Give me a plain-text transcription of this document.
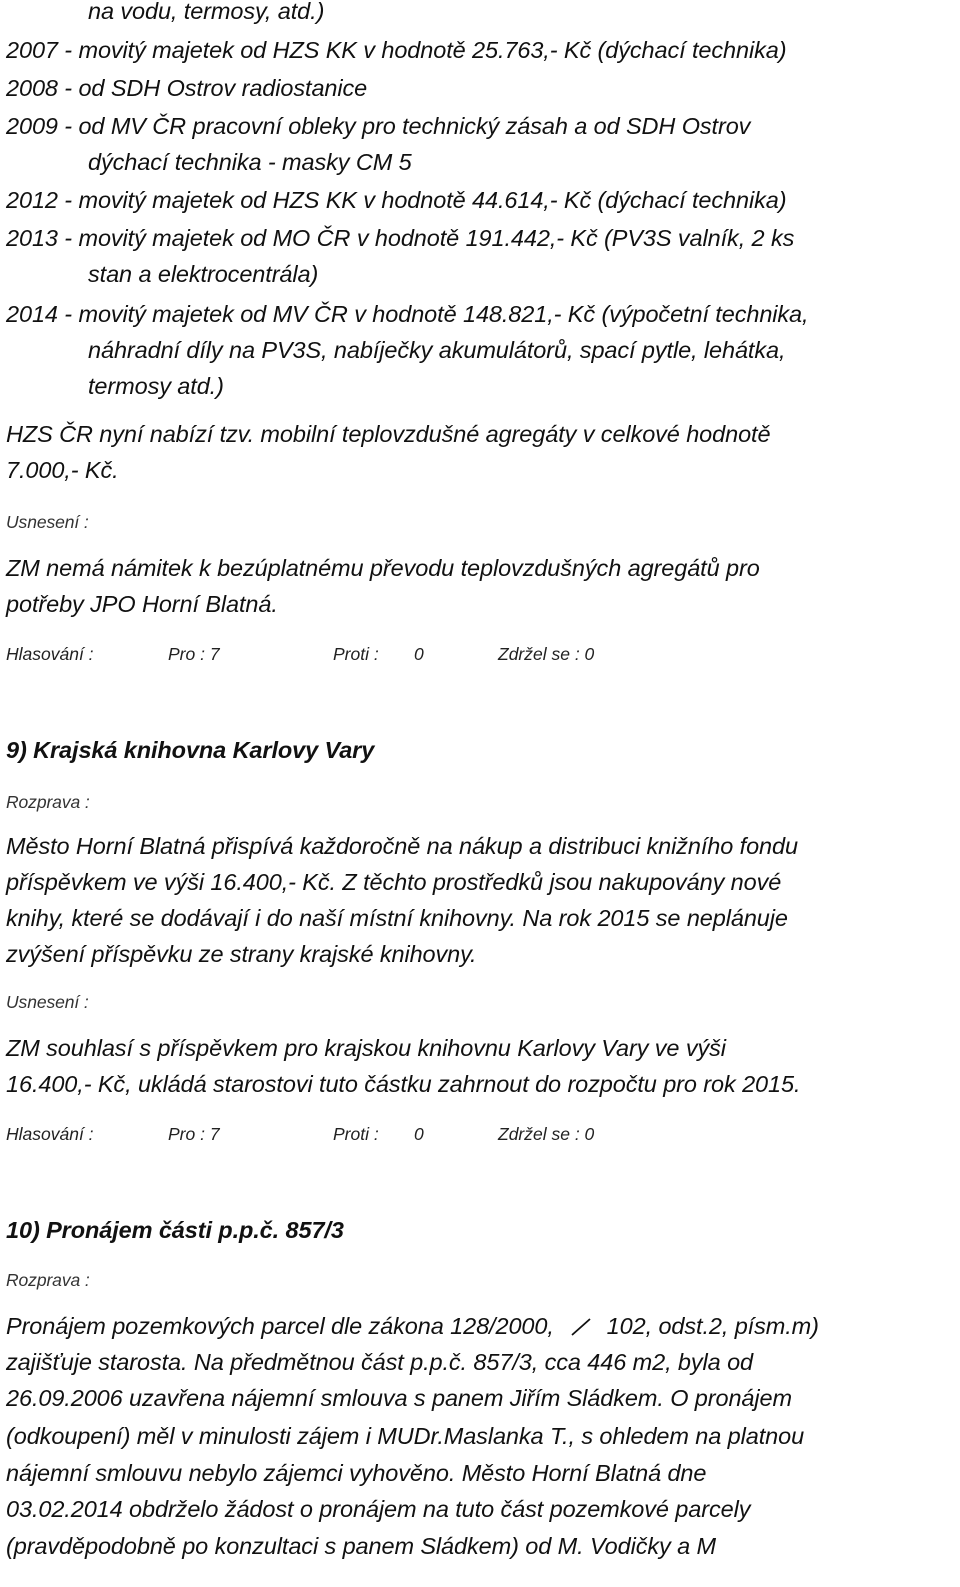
na vodu, termosy, atd.)
2007 - movitý majetek od HZS KK v hodnotě 25.763,- Kč (dýchací technika)
2008 - od SDH Ostrov radiostanice
2009 - od MV ČR pracovní obleky pro technický zásah a od SDH Ostrov
dýchací technika - masky CM 5
2012 - movitý majetek od HZS KK v hodnotě 44.614,- Kč (dýchací technika)
2013 - movitý majetek od MO ČR v hodnotě 191.442,- Kč (PV3S valník, 2 ks
stan a elektrocentrála)
2014 - movitý majetek od MV ČR v hodnotě 148.821,- Kč (výpočetní technika,
náhradní díly na PV3S, nabíječky akumulátorů, spací pytle, lehátka,
termosy atd.)
HZS ČR nyní nabízí tzv. mobilní teplovzdušné agregáty v celkové hodnotě
7.000,- Kč.
Usnesení :
ZM nemá námitek k bezúplatnému převodu teplovzdušných agregátů pro
potřeby JPO Horní Blatná.
Hlasování :	Pro : 7	Proti : 0	Zdržel se : 0
9) Krajská knihovna Karlovy Vary
Rozprava :
Město Horní Blatná přispívá každoročně na nákup a distribuci knižního fondu
příspěvkem ve výši 16.400,- Kč. Z těchto prostředků jsou nakupovány nové
knihy, které se dodávají i do naší místní knihovny. Na rok 2015 se neplánuje
zvýšení příspěvku ze strany krajské knihovny.
Usnesení :
ZM souhlasí s příspěvkem pro krajskou knihovnu Karlovy Vary ve výši
16.400,- Kč, ukládá starostovi tuto částku zahrnout do rozpočtu pro rok 2015.
Hlasování :	Pro : 7	Proti : 0	Zdržel se : 0
10) Pronájem části p.p.č. 857/3
Rozprava :
Pronájem pozemkových parcel dle zákona 128/2000, 102, odst.2, písm.m)
zajišťuje starosta. Na předmětnou část p.p.č. 857/3, cca 446 m2, byla od
26.09.2006 uzavřena nájemní smlouva s panem Jiřím Sládkem. O pronájem
(odkoupení) měl v minulosti zájem i MUDr.Maslanka T., s ohledem na platnou
nájemní smlouvu nebylo zájemci vyhověno. Město Horní Blatná dne
03.02.2014 obdrželo žádost o pronájem na tuto část pozemkové parcely
(pravděpodobně po konzultaci s panem Sládkem) od M. Vodičky a M
